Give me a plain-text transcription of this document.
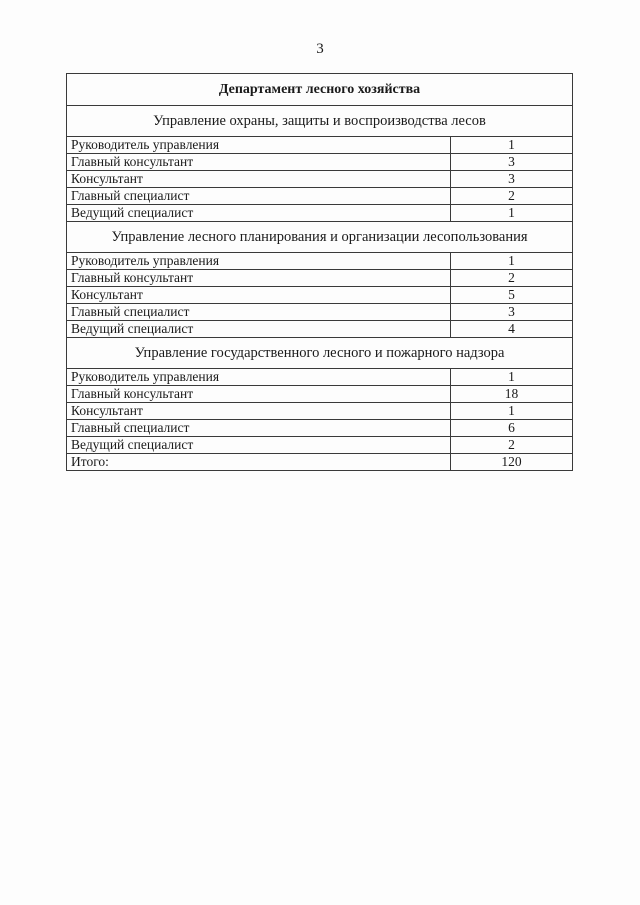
3
Департамент лесного хозяйства	
Управление охраны, защиты и воспроизводства лесов	
Руководитель управления	1
Главный консультант	3
Консультант	3
Главный специалист	2
Ведущий специалист	1
Управление лесного планирования и организации лесопользования	
Руководитель управления	1
Главный консультант	2
Консультант	5
Главный специалист	3
Ведущий специалист	4
Управление государственного лесного и пожарного надзора	
Руководитель управления	1
Главный консультант	18
Консультант	1
Главный специалист	6
Ведущий специалист	2
Итого:	120
